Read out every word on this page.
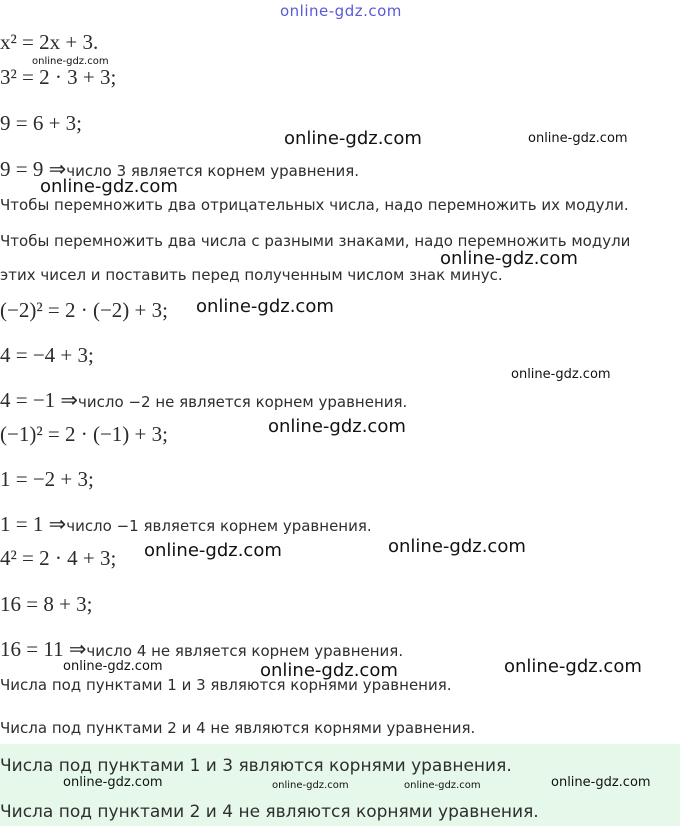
online-gdz.com
x² = 2x + 3.
3² = 2 · 3 + 3;
9 = 6 + 3;
9 = 9 ⇒число 3 является корнем уравнения.
Чтобы перемножить два отрицательных числа, надо перемножить их модули.
Чтобы перемножить два числа с разными знаками, надо перемножить модули
этих чисел и поставить перед полученным числом знак минус.
(−2)² = 2 · (−2) + 3;
4 = −4 + 3;
4 = −1 ⇒число −2 не является корнем уравнения.
(−1)² = 2 · (−1) + 3;
1 = −2 + 3;
1 = 1 ⇒число −1 является корнем уравнения.
4² = 2 · 4 + 3;
16 = 8 + 3;
16 = 11 ⇒число 4 не является корнем уравнения.
Числа под пунктами 1 и 3 являются корнями уравнения.
Числа под пунктами 2 и 4 не являются корнями уравнения.
Числа под пунктами 1 и 3 являются корнями уравнения.
Числа под пунктами 2 и 4 не являются корнями уравнения.
online-gdz.com
online-gdz.com	online-gdz.com
online-gdz.com
online-gdz.com
online-gdz.com
online-gdz.com
online-gdz.com
online-gdz.com	online-gdz.com
online-gdz.com	online-gdz.com	online-gdz.com
online-gdz.com	online-gdz.com	online-gdz.com	online-gdz.com
